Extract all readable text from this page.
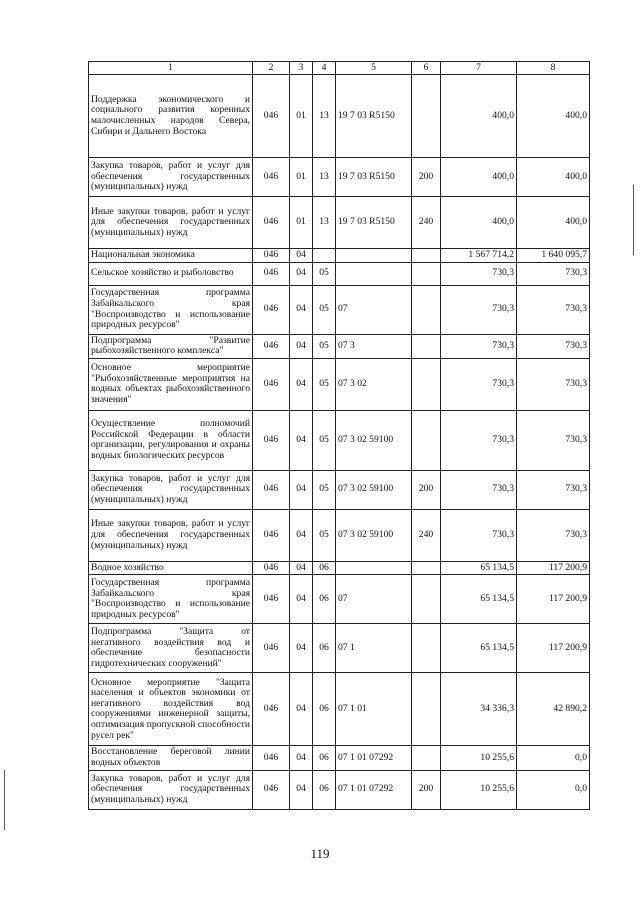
1	2	3	4	5	6	7	8
Поддержка экономического и социального развития коренных малочисленных народов Севера, Сибири и Дальнего Востока	046	01	13	19 7 03 R5150		400,0	400,0
Закупка товаров, работ и услуг для обеспечения государственных (муниципальных) нужд	046	01	13	19 7 03 R5150	200	400,0	400,0
Иные закупки товаров, работ и услуг для обеспечения государственных (муниципальных) нужд	046	01	13	19 7 03 R5150	240	400,0	400,0
Национальная экономика	046	04				1 567 714,2	1 640 095,7
Сельское хозяйство и рыболовство	046	04	05			730,3	730,3
Государственная программа Забайкальского края "Воспроизводство и использование природных ресурсов"	046	04	05	07		730,3	730,3
Подпрограмма "Развитие рыбохозяйственного комплекса"	046	04	05	07 3		730,3	730,3
Основное мероприятие "Рыбохозяйственные мероприятия на водных объектах рыбохозяйственного значения"	046	04	05	07 3 02		730,3	730,3
Осуществление полномочий Российской Федерации в области организации, регулирования и охраны водных биологических ресурсов	046	04	05	07 3 02 59100		730,3	730,3
Закупка товаров, работ и услуг для обеспечения государственных (муниципальных) нужд	046	04	05	07 3 02 59100	200	730,3	730,3
Иные закупки товаров, работ и услуг для обеспечения государственных (муниципальных) нужд	046	04	05	07 3 02 59100	240	730,3	730,3
Водное хозяйство	046	04	06			65 134,5	117 200,9
Государственная программа Забайкальского края "Воспроизводство и использование природных ресурсов"	046	04	06	07		65 134,5	117 200,9
Подпрограмма "Защита от негативного воздействия вод и обеспечение безопасности гидротехнических сооружений"	046	04	06	07 1		65 134,5	117 200,9
Основное мероприятие "Защита населения и объектов экономики от негативного воздействия вод сооружениями инженерной защиты, оптимизация пропускной способности русел рек"	046	04	06	07 1 01		34 336,3	42 890,2
Восстановление береговой линии водных объектов	046	04	06	07 1 01 07292		10 255,6	0,0
Закупка товаров, работ и услуг для обеспечения государственных (муниципальных) нужд	046	04	06	07 1 01 07292	200	10 255,6	0,0
119
